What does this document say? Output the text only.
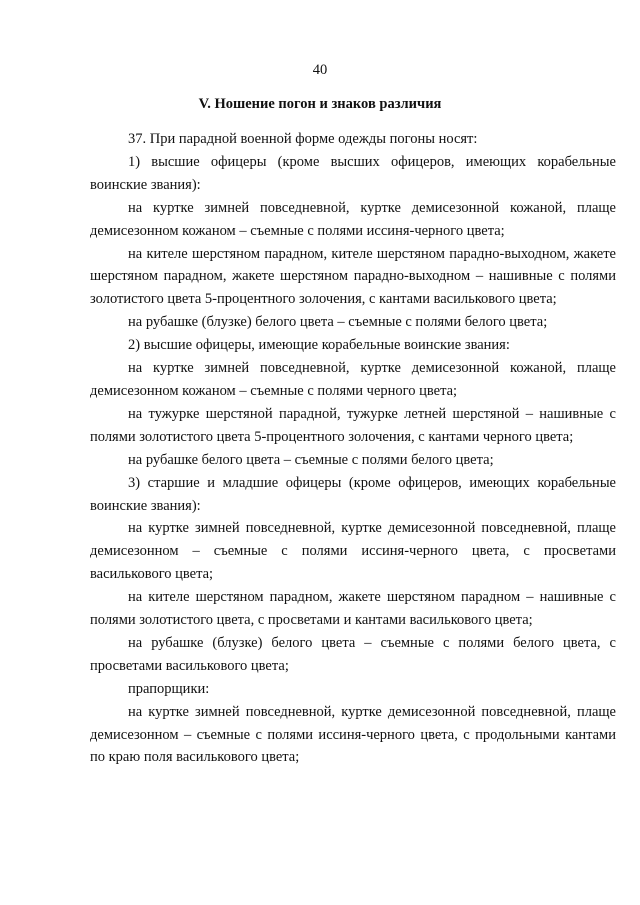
40
V. Ношение погон и знаков различия

37. При парадной военной форме одежды погоны носят:

1) высшие офицеры (кроме высших офицеров, имеющих корабельные воинские звания):

на куртке зимней повседневной, куртке демисезонной кожаной, плаще демисезонном кожаном – съемные с полями иссиня-черного цвета;

на кителе шерстяном парадном, кителе шерстяном парадно-выходном, жакете шерстяном парадном, жакете шерстяном парадно-выходном – нашивные с полями золотистого цвета 5-процентного золочения, с кантами василькового цвета;

на рубашке (блузке) белого цвета – съемные с полями белого цвета;

2) высшие офицеры, имеющие корабельные воинские звания:

на куртке зимней повседневной, куртке демисезонной кожаной, плаще демисезонном кожаном – съемные с полями черного цвета;

на тужурке шерстяной парадной, тужурке летней шерстяной – нашивные с полями золотистого цвета 5-процентного золочения, с кантами черного цвета;

на рубашке белого цвета – съемные с полями белого цвета;

3) старшие и младшие офицеры (кроме офицеров, имеющих корабельные воинские звания):

на куртке зимней повседневной, куртке демисезонной повседневной, плаще демисезонном – съемные с полями иссиня-черного цвета, с просветами василькового цвета;

на кителе шерстяном парадном, жакете шерстяном парадном – нашивные с полями золотистого цвета, с просветами и кантами василькового цвета;

на рубашке (блузке) белого цвета – съемные с полями белого цвета, с просветами василькового цвета;

прапорщики:

на куртке зимней повседневной, куртке демисезонной повседневной, плаще демисезонном – съемные с полями иссиня-черного цвета, с продольными кантами по краю поля василькового цвета;
